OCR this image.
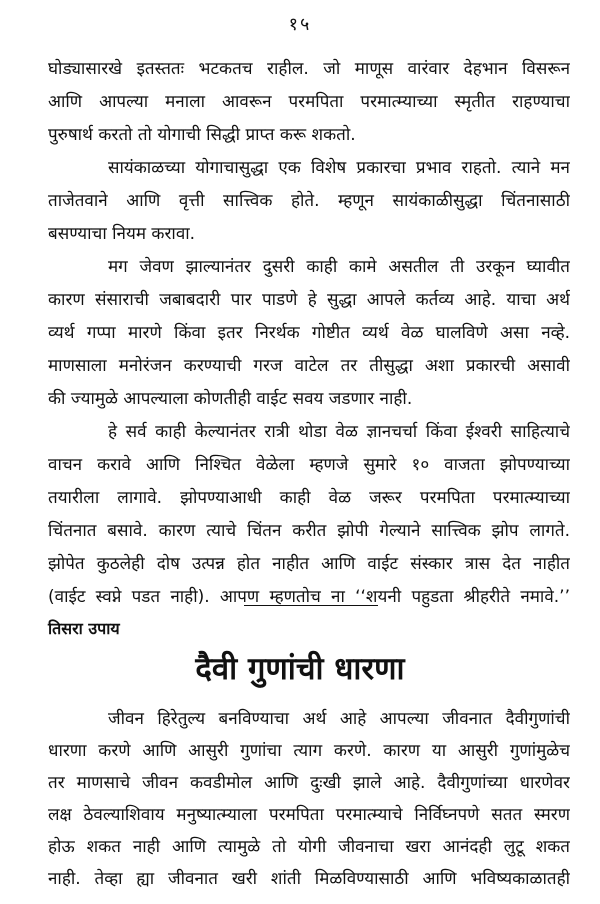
१५
घोड्यासारखे इतस्ततः भटकतच राहील. जो माणूस वारंवार देहभान विसरून
आणि आपल्या मनाला आवरून परमपिता परमात्म्याच्या स्मृतीत राहण्याचा
पुरुषार्थ करतो तो योगाची सिद्धी प्राप्त करू शकतो.
सायंकाळच्या योगाचासुद्धा एक विशेष प्रकारचा प्रभाव राहतो. त्याने मन
ताजेतवाने आणि वृत्ती सात्त्विक होते. म्हणून सायंकाळीसुद्धा चिंतनासाठी
बसण्याचा नियम करावा.
मग जेवण झाल्यानंतर दुसरी काही कामे असतील ती उरकून घ्यावीत
कारण संसाराची जबाबदारी पार पाडणे हे सुद्धा आपले कर्तव्य आहे. याचा अर्थ
व्यर्थ गप्पा मारणे किंवा इतर निरर्थक गोष्टीत व्यर्थ वेळ घालविणे असा नव्हे.
माणसाला मनोरंजन करण्याची गरज वाटेल तर तीसुद्धा अशा प्रकारची असावी
की ज्यामुळे आपल्याला कोणतीही वाईट सवय जडणार नाही.
हे सर्व काही केल्यानंतर रात्री थोडा वेळ ज्ञानचर्चा किंवा ईश्वरी साहित्याचे
वाचन करावे आणि निश्चित वेळेला म्हणजे सुमारे १० वाजता झोपण्याच्या
तयारीला लागावे. झोपण्याआधी काही वेळ जरूर परमपिता परमात्म्याच्या
चिंतनात बसावे. कारण त्याचे चिंतन करीत झोपी गेल्याने सात्त्विक झोप लागते.
झोपेत कुठलेही दोष उत्पन्न होत नाहीत आणि वाईट संस्कार त्रास देत नाहीत
(वाईट स्वप्ने पडत नाही). आपण म्हणतोच ना ‘‘शयनी पहुडता श्रीहरीते नमावे.’’
तिसरा उपाय
दैवी गुणांची धारणा
जीवन हिरेतुल्य बनविण्याचा अर्थ आहे आपल्या जीवनात दैवीगुणांची
धारणा करणे आणि आसुरी गुणांचा त्याग करणे. कारण या आसुरी गुणांमुळेच
तर माणसाचे जीवन कवडीमोल आणि दुःखी झाले आहे. दैवीगुणांच्या धारणेवर
लक्ष ठेवल्याशिवाय मनुष्यात्म्याला परमपिता परमात्म्याचे निर्विघ्नपणे सतत स्मरण
होऊ शकत नाही आणि त्यामुळे तो योगी जीवनाचा खरा आनंदही लुटू शकत
नाही. तेव्हा ह्या जीवनात खरी शांती मिळविण्यासाठी आणि भविष्यकाळातही
